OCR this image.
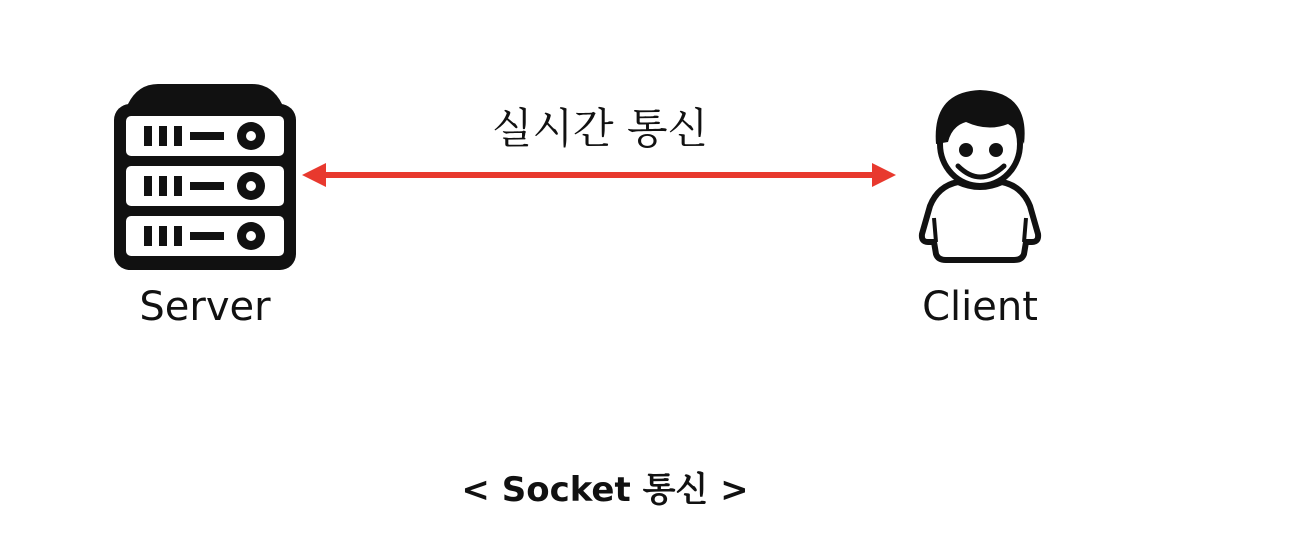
실시간 통신
Server	Client
< Socket 통신 >
